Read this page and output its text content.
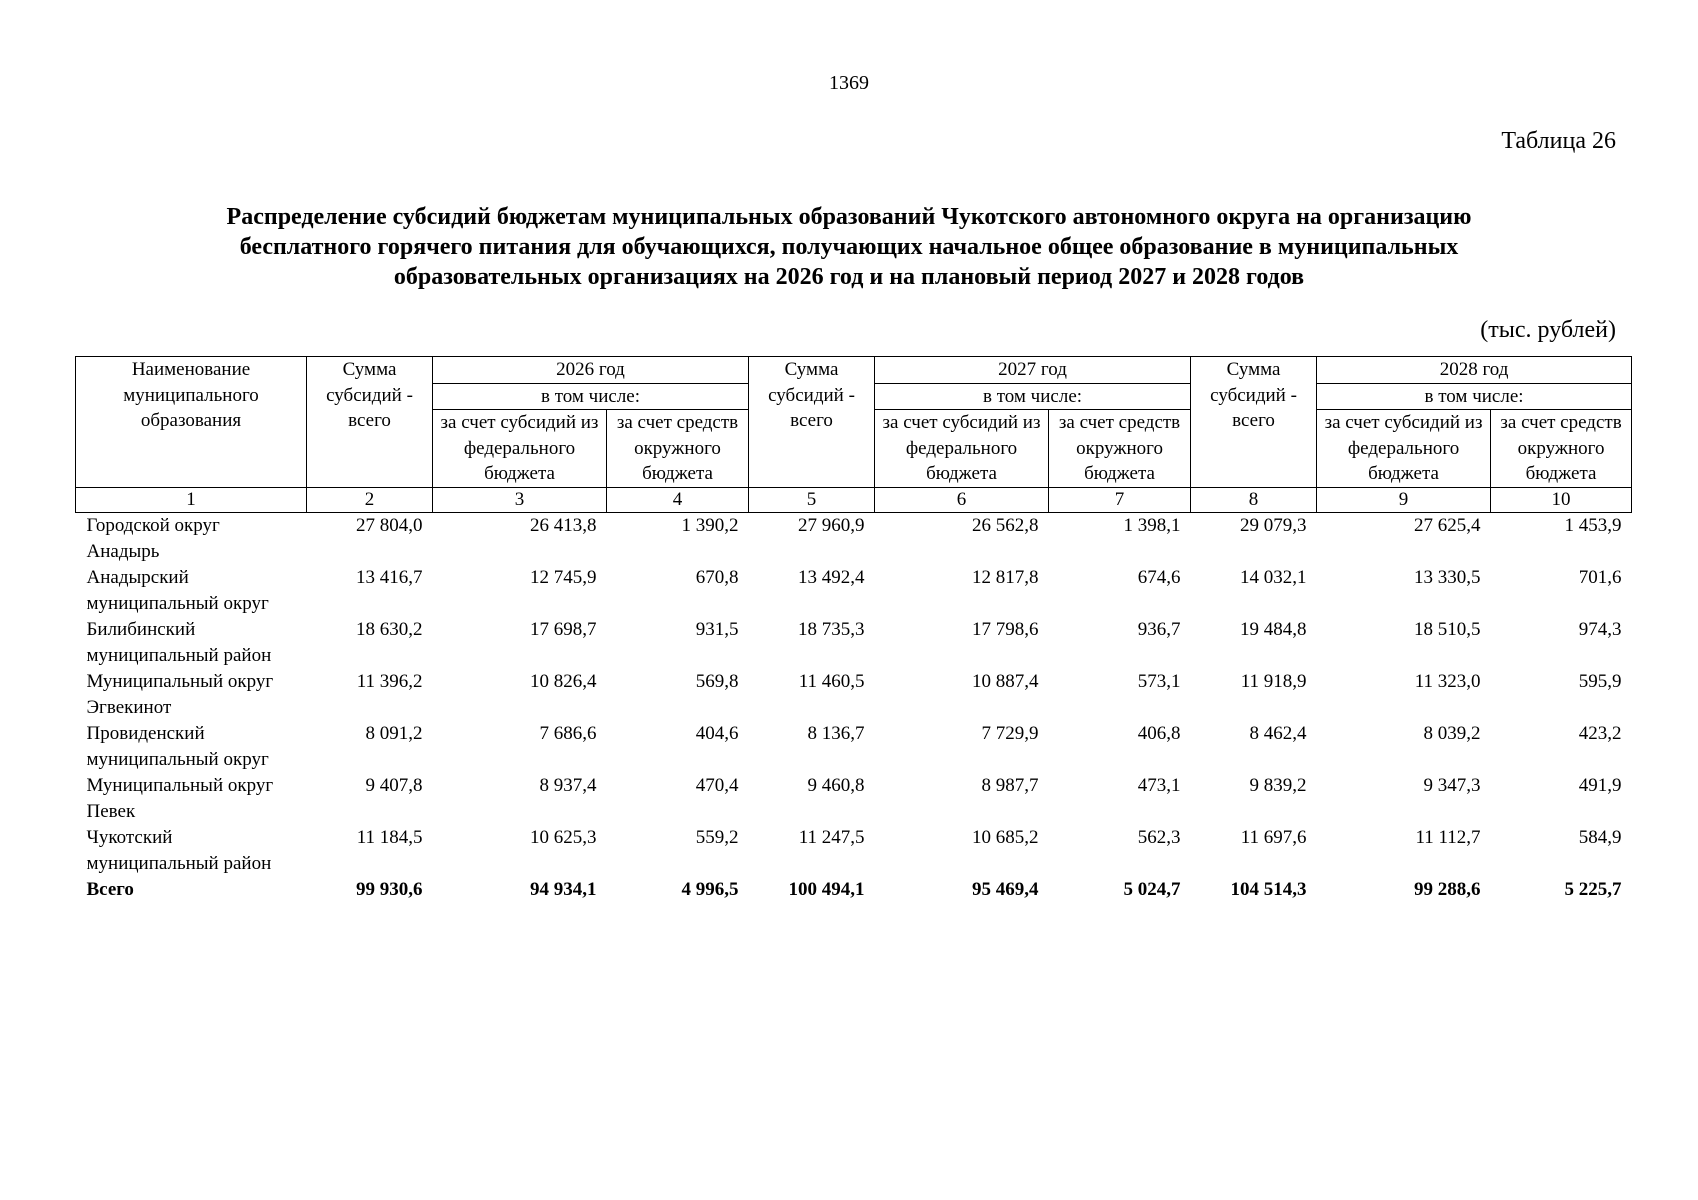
1369
Таблица 26
Распределение субсидий бюджетам муниципальных образований Чукотского автономного округа на организацию
бесплатного горячего питания для обучающихся, получающих начальное общее образование в муниципальных
образовательных организациях на 2026 год и на плановый период 2027 и 2028 годов
(тыс. рублей)
Наименование муниципального образования	Сумма субсидий - всего	2026 год		Сумма субсидий - всего	2027 год		Сумма субсидий - всего	2028 год	
		в том числе:			в том числе:			в том числе:	
		за счет субсидий из федерального бюджета	за счет средств окружного бюджета		за счет субсидий из федерального бюджета	за счет средств окружного бюджета		за счет субсидий из федерального бюджета	за счет средств окружного бюджета
1	2	3	4	5	6	7	8	9	10
Городской округ Анадырь	27 804,0	26 413,8	1 390,2	27 960,9	26 562,8	1 398,1	29 079,3	27 625,4	1 453,9
Анадырский муниципальный округ	13 416,7	12 745,9	670,8	13 492,4	12 817,8	674,6	14 032,1	13 330,5	701,6
Билибинский муниципальный район	18 630,2	17 698,7	931,5	18 735,3	17 798,6	936,7	19 484,8	18 510,5	974,3
Муниципальный округ Эгвекинот	11 396,2	10 826,4	569,8	11 460,5	10 887,4	573,1	11 918,9	11 323,0	595,9
Провиденский муниципальный округ	8 091,2	7 686,6	404,6	8 136,7	7 729,9	406,8	8 462,4	8 039,2	423,2
Муниципальный округ Певек	9 407,8	8 937,4	470,4	9 460,8	8 987,7	473,1	9 839,2	9 347,3	491,9
Чукотский муниципальный район	11 184,5	10 625,3	559,2	11 247,5	10 685,2	562,3	11 697,6	11 112,7	584,9
Всего	99 930,6	94 934,1	4 996,5	100 494,1	95 469,4	5 024,7	104 514,3	99 288,6	5 225,7
